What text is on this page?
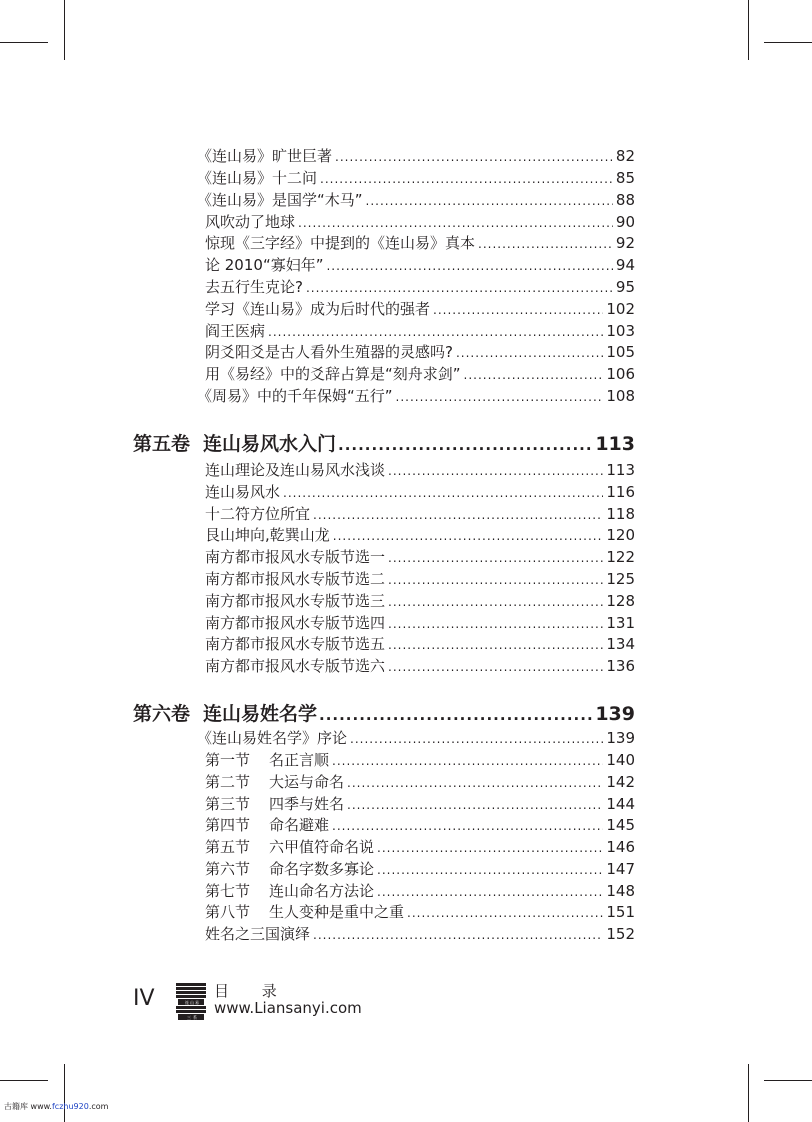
《连山易》旷世巨著 .....	82
《连山易》十二问 .....	85
《连山易》是国学“木马” .....	88
风吹动了地球 .....	90
惊现《三字经》中提到的《连山易》真本 .....	92
论 2010“寡妇年” .....	94
去五行生克论? .....	95
学习《连山易》成为后时代的强者 .....	102
阎王医病 .....	103
阴爻阳爻是古人看外生殖器的灵感吗? .....	105
用《易经》中的爻辞占算是“刻舟求剑” .....	106
《周易》中的千年保姆“五行” .....	108
第五卷 连山易风水入门 .....	113
连山理论及连山易风水浅谈 .....	113
连山易风水 .....	116
十二符方位所宜 .....	118
艮山坤向,乾巽山龙 .....	120
南方都市报风水专版节选一 .....	122
南方都市报风水专版节选二 .....	125
南方都市报风水专版节选三 .....	128
南方都市报风水专版节选四 .....	131
南方都市报风水专版节选五 .....	134
南方都市报风水专版节选六 .....	136
第六卷 连山易姓名学 .....	139
《连山易姓名学》序论 .....	139
第一节 名正言顺 .....	140
第二节 大运与命名 .....	142
第三节 四季与姓名 .....	144
第四节 命名避难 .....	145
第五节 六甲值符命名说 .....	146
第六节 命名字数多寡论 .....	147
第七节 连山命名方法论 .....	148
第八节 生人变种是重中之重 .....	151
姓名之三国演绎 .....	152
IV	连 山 易
三 系
目 录
www.Liansanyi.com
古籍库 www.fczhu920.com
